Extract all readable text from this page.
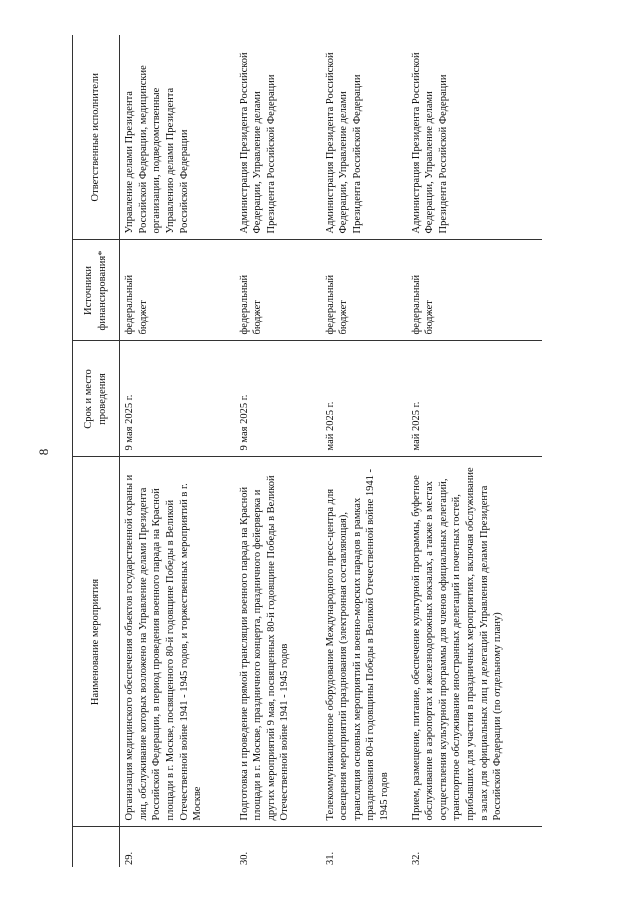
8
	Наименование мероприятия	Срок и место проведения	Источники финансирования*	Ответственные исполнители
29.	Организация медицинского обеспечения объектов государственной охраны и лиц, обслуживание которых возложено на Управление делами Президента Российской Федерации, в период проведения военного парада на Красной площади в г. Москве, посвященного 80-й годовщине Победы в Великой Отечественной войне 1941 - 1945 годов, и торжественных мероприятий в г. Москве	9 мая 2025 г.	федеральный бюджет	Управление делами Президента Российской Федерации, медицинские организации, подведомственные Управлению делами Президента Российской Федерации
30.	Подготовка и проведение прямой трансляции военного парада на Красной площади в г. Москве, праздничного концерта, праздничного фейерверка и других мероприятий 9 мая, посвященных 80-й годовщине Победы в Великой Отечественной войне 1941 - 1945 годов	9 мая 2025 г.	федеральный бюджет	Администрация Президента Российской Федерации, Управление делами Президента Российской Федерации
31.	Телекоммуникационное оборудование Международного пресс-центра для освещения мероприятий празднования (электронная составляющая), трансляция основных мероприятий и военно-морских парадов в рамках празднования 80-й годовщины Победы в Великой Отечественной войне 1941 - 1945 годов	май 2025 г.	федеральный бюджет	Администрация Президента Российской Федерации, Управление делами Президента Российской Федерации
32.	Прием, размещение, питание, обеспечение культурной программы, буфетное обслуживание в аэропортах и железнодорожных вокзалах, а также в местах осуществления культурной программы для членов официальных делегаций, транспортное обслуживание иностранных делегаций и почетных гостей, прибывших для участия в праздничных мероприятиях, включая обслуживание в залах для официальных лиц и делегаций Управления делами Президента Российской Федерации (по отдельному плану)	май 2025 г.	федеральный бюджет	Администрация Президента Российской Федерации, Управление делами Президента Российской Федерации
